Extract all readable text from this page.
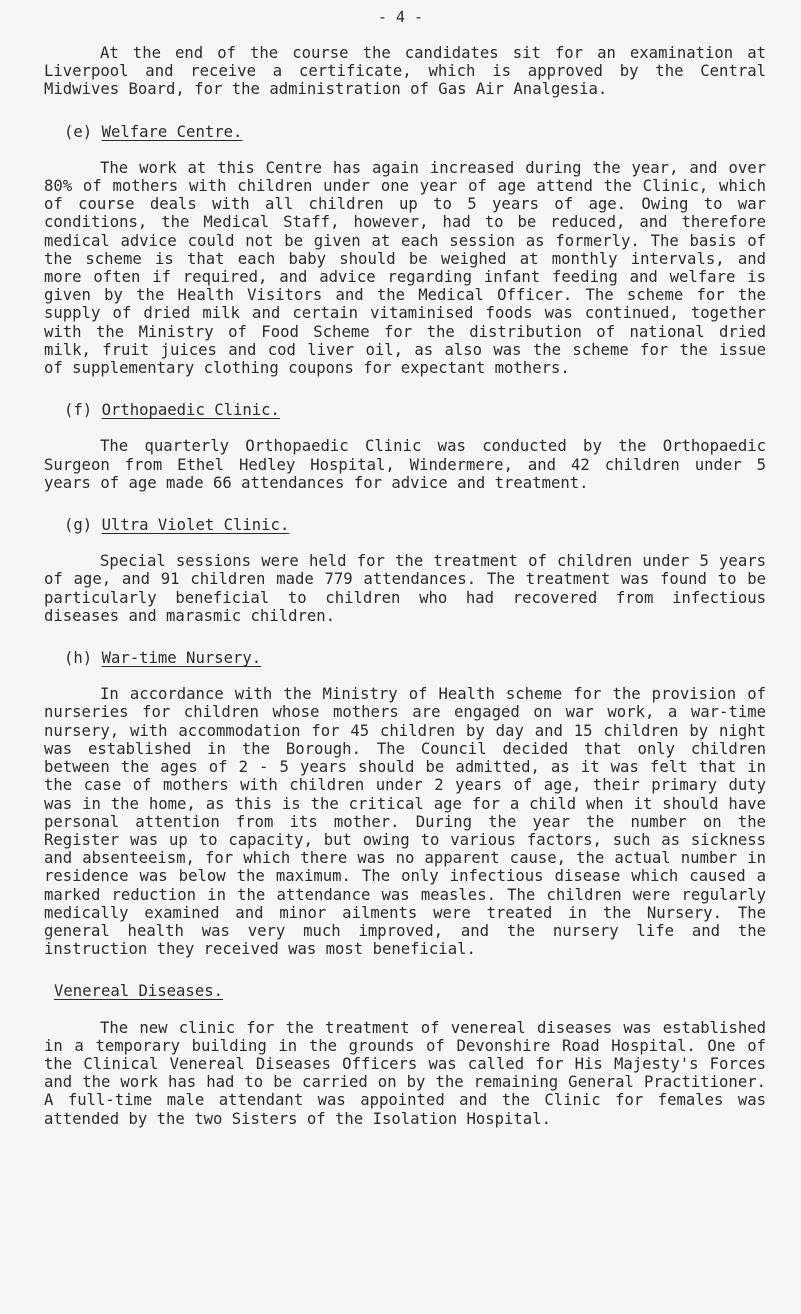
- 4 -

At the end of the course the candidates sit for an examination at Liverpool and receive a certificate, which is approved by the Central Midwives Board, for the administration of Gas Air Analgesia.

(e) Welfare Centre.

The work at this Centre has again increased during the year, and over 80% of mothers with children under one year of age attend the Clinic, which of course deals with all children up to 5 years of age. Owing to war conditions, the Medical Staff, however, had to be reduced, and therefore medical advice could not be given at each session as formerly. The basis of the scheme is that each baby should be weighed at monthly intervals, and more often if required, and advice regarding infant feeding and welfare is given by the Health Visitors and the Medical Officer. The scheme for the supply of dried milk and certain vitaminised foods was continued, together with the Ministry of Food Scheme for the distribution of national dried milk, fruit juices and cod liver oil, as also was the scheme for the issue of supplementary clothing coupons for expectant mothers.

(f) Orthopaedic Clinic.

The quarterly Orthopaedic Clinic was conducted by the Orthopaedic Surgeon from Ethel Hedley Hospital, Windermere, and 42 children under 5 years of age made 66 attendances for advice and treatment.

(g) Ultra Violet Clinic.

Special sessions were held for the treatment of children under 5 years of age, and 91 children made 779 attendances. The treatment was found to be particularly beneficial to children who had recovered from infectious diseases and marasmic children.

(h) War-time Nursery.

In accordance with the Ministry of Health scheme for the provision of nurseries for children whose mothers are engaged on war work, a war-time nursery, with accommodation for 45 children by day and 15 children by night was established in the Borough. The Council decided that only children between the ages of 2 - 5 years should be admitted, as it was felt that in the case of mothers with children under 2 years of age, their primary duty was in the home, as this is the critical age for a child when it should have personal attention from its mother. During the year the number on the Register was up to capacity, but owing to various factors, such as sickness and absenteeism, for which there was no apparent cause, the actual number in residence was below the maximum. The only infectious disease which caused a marked reduction in the attendance was measles. The children were regularly medically examined and minor ailments were treated in the Nursery. The general health was very much improved, and the nursery life and the instruction they received was most beneficial.

Venereal Diseases.

The new clinic for the treatment of venereal diseases was established in a temporary building in the grounds of Devonshire Road Hospital. One of the Clinical Venereal Diseases Officers was called for His Majesty's Forces and the work has had to be carried on by the remaining General Practitioner. A full-time male attendant was appointed and the Clinic for females was attended by the two Sisters of the Isolation Hospital.
